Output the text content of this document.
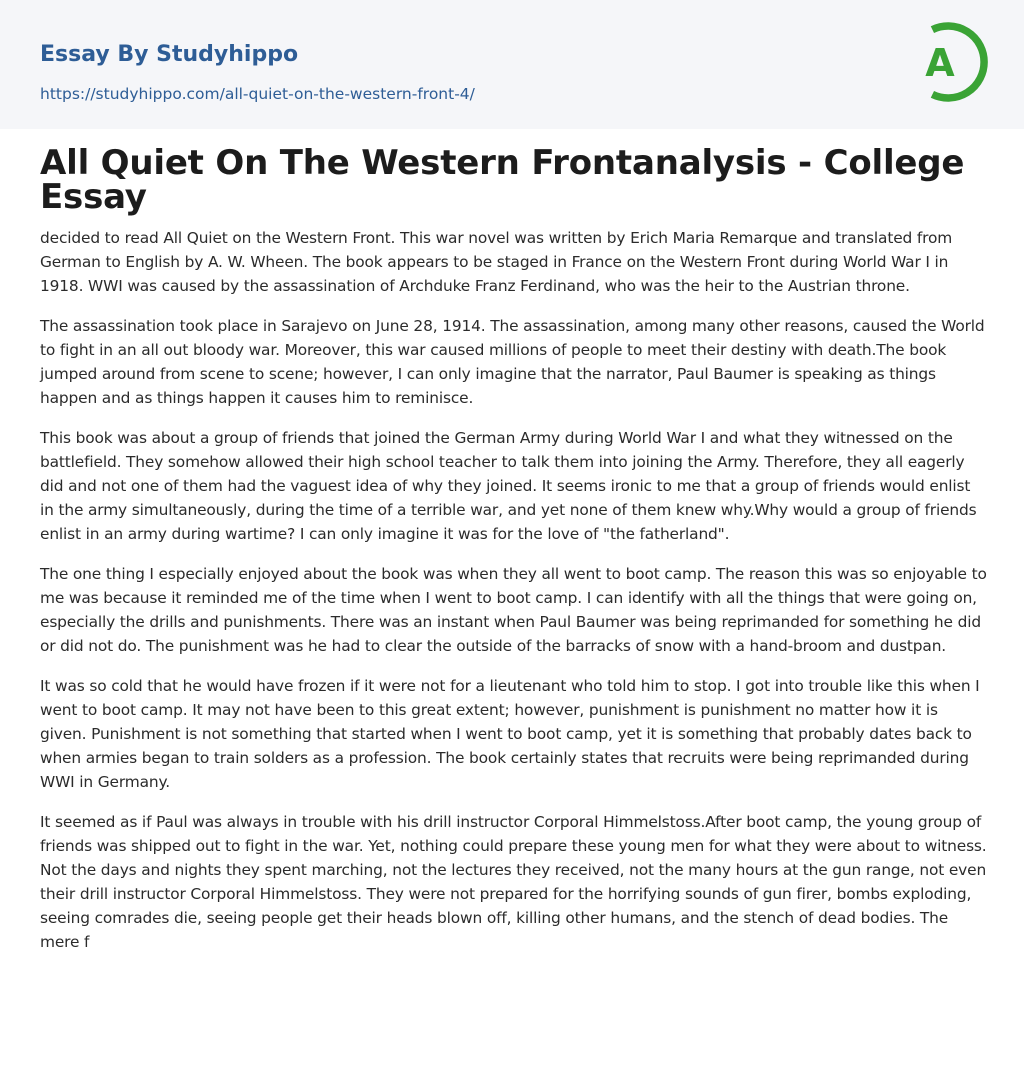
Essay By Studyhippo
https://studyhippo.com/all-quiet-on-the-western-front-4/
A
All Quiet On The Western Frontanalysis - College Essay

decided to read All Quiet on the Western Front. This war novel was written by Erich Maria Remarque and translated from German to English by A. W. Wheen. The book appears to be staged in France on the Western Front during World War I in 1918. WWI was caused by the assassination of Archduke Franz Ferdinand, who was the heir to the Austrian throne.

The assassination took place in Sarajevo on June 28, 1914. The assassination, among many other reasons, caused the World to fight in an all out bloody war. Moreover, this war caused millions of people to meet their destiny with death.The book jumped around from scene to scene; however, I can only imagine that the narrator, Paul Baumer is speaking as things happen and as things happen it causes him to reminisce.

This book was about a group of friends that joined the German Army during World War I and what they witnessed on the battlefield. They somehow allowed their high school teacher to talk them into joining the Army. Therefore, they all eagerly did and not one of them had the vaguest idea of why they joined. It seems ironic to me that a group of friends would enlist in the army simultaneously, during the time of a terrible war, and yet none of them knew why.Why would a group of friends enlist in an army during wartime? I can only imagine it was for the love of "the fatherland".

The one thing I especially enjoyed about the book was when they all went to boot camp. The reason this was so enjoyable to me was because it reminded me of the time when I went to boot camp. I can identify with all the things that were going on, especially the drills and punishments. There was an instant when Paul Baumer was being reprimanded for something he did or did not do. The punishment was he had to clear the outside of the barracks of snow with a hand-broom and dustpan.

It was so cold that he would have frozen if it were not for a lieutenant who told him to stop. I got into trouble like this when I went to boot camp. It may not have been to this great extent; however, punishment is punishment no matter how it is given. Punishment is not something that started when I went to boot camp, yet it is something that probably dates back to when armies began to train solders as a profession. The book certainly states that recruits were being reprimanded during WWI in Germany.

It seemed as if Paul was always in trouble with his drill instructor Corporal Himmelstoss.After boot camp, the young group of friends was shipped out to fight in the war. Yet, nothing could prepare these young men for what they were about to witness. Not the days and nights they spent marching, not the lectures they received, not the many hours at the gun range, not even their drill instructor Corporal Himmelstoss. They were not prepared for the horrifying sounds of gun firer, bombs exploding, seeing comrades die, seeing people get their heads blown off, killing other humans, and the stench of dead bodies. The mere f
